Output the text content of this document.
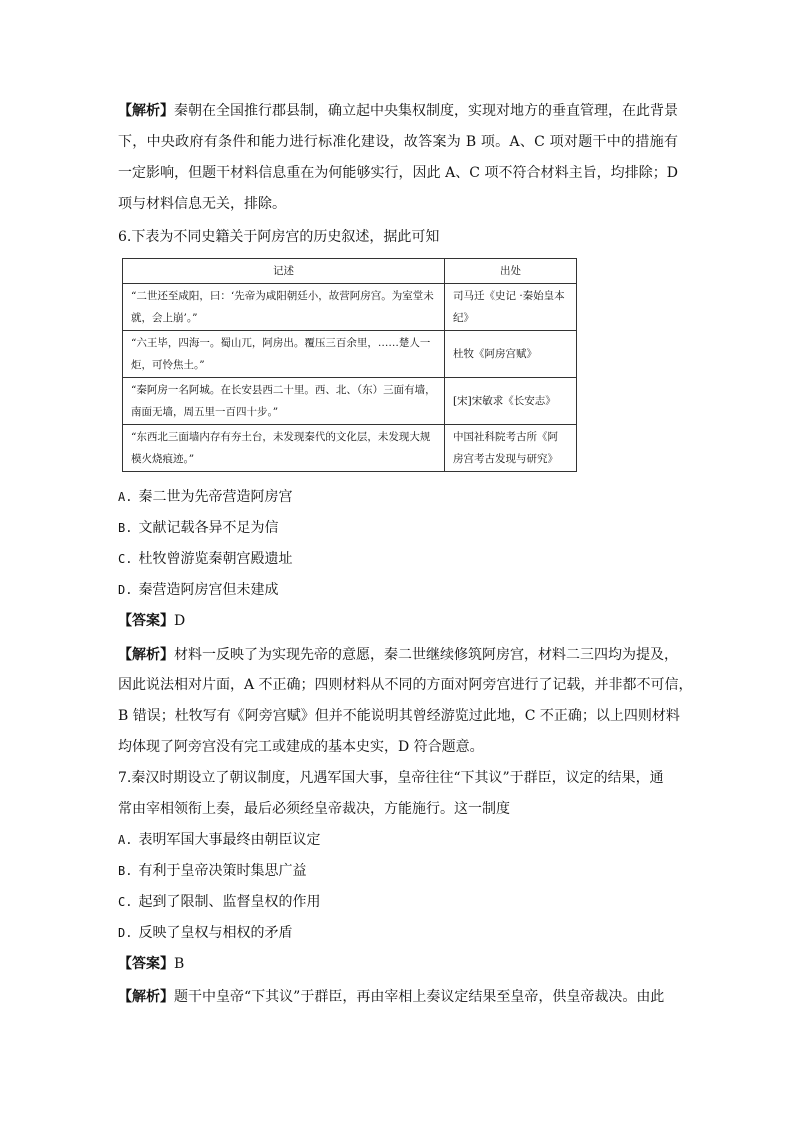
【解析】秦朝在全国推行郡县制，确立起中央集权制度，实现对地方的垂直管理，在此背景下，中央政府有条件和能力进行标准化建设，故答案为 B 项。A、C 项对题干中的措施有一定影响，但题干材料信息重在为何能够实行，因此 A、C 项不符合材料主旨，均排除；D 项与材料信息无关，排除。

6.下表为不同史籍关于阿房宫的历史叙述，据此可知
记述	出处
“二世还至咸阳，曰：‘先帝为咸阳朝廷小，故营阿房宫。为室堂未就，会上崩’。”	司马迁《史记 ·秦始皇本纪》
“六王毕，四海一。蜀山兀，阿房出。覆压三百余里，……楚人一炬，可怜焦土。”	杜牧《阿房宫赋》
“秦阿房一名阿城。在长安县西二十里。西、北、（东）三面有墙，南面无墙，周五里一百四十步。”	[宋]宋敏求《长安志》
“东西北三面墙内存有夯土台，未发现秦代的文化层，未发现大规模火烧痕迹。”	中国社科院考古所《阿房宫考古发现与研究》
A. 秦二世为先帝营造阿房宫
B. 文献记载各异不足为信
C. 杜牧曾游览秦朝宫殿遗址
D. 秦营造阿房宫但未建成
【答案】D
【解析】材料一反映了为实现先帝的意愿，秦二世继续修筑阿房宫，材料二三四均为提及，
因此说法相对片面，A 不正确；四则材料从不同的方面对阿旁宫进行了记载，并非都不可信，
B 错误；杜牧写有《阿旁宫赋》但并不能说明其曾经游览过此地，C 不正确；以上四则材料
均体现了阿旁宫没有完工或建成的基本史实，D 符合题意。
7.秦汉时期设立了朝议制度，凡遇军国大事，皇帝往往“下其议”于群臣，议定的结果，通
常由宰相领衔上奏，最后必须经皇帝裁决，方能施行。这一制度
A. 表明军国大事最终由朝臣议定
B. 有利于皇帝决策时集思广益
C. 起到了限制、监督皇权的作用
D. 反映了皇权与相权的矛盾
【答案】B
【解析】题干中皇帝“下其议”于群臣，再由宰相上奏议定结果至皇帝，供皇帝裁决。由此
